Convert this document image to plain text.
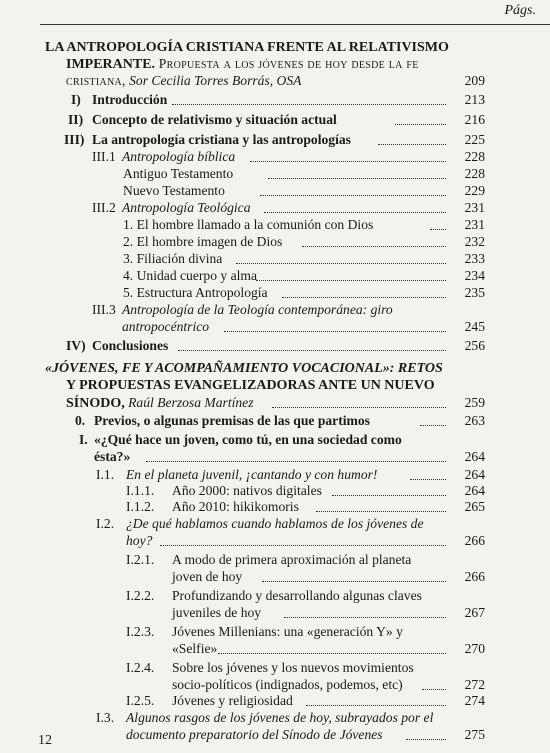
Págs.
LA ANTROPOLOGÍA CRISTIANA FRENTE AL RELATIVISMO
IMPERANTE. Propuesta a los jóvenes de hoy desde la fe
cristiana, Sor Cecilia Torres Borrás, OSA	209
I) Introducción	213
II) Concepto de relativismo y situación actual	216
III) La antropología cristiana y las antropologías	225
III.1 Antropología bíblica	228
Antiguo Testamento	228
Nuevo Testamento	229
III.2 Antropología Teológica	231
1. El hombre llamado a la comunión con Dios	231
2. El hombre imagen de Dios	232
3. Filiación divina	233
4. Unidad cuerpo y alma	234
5. Estructura Antropología	235
III.3 Antropología de la Teología contemporánea: giro
antropocéntrico	245
IV) Conclusiones	256
«JÓVENES, FE Y ACOMPAÑAMIENTO VOCACIONAL»: RETOS
Y PROPUESTAS EVANGELIZADORAS ANTE UN NUEVO
SÍNODO, Raúl Berzosa Martínez	259
0. Previos, o algunas premisas de las que partimos	263
I. «¿Qué hace un joven, como tú, en una sociedad como
ésta?»	264
I.1. En el planeta juvenil, ¡cantando y con humor!	264
I.1.1. Año 2000: nativos digitales	264
I.1.2. Año 2010: hikikomoris	265
I.2. ¿De qué hablamos cuando hablamos de los jóvenes de
hoy?	266
I.2.1. A modo de primera aproximación al planeta
joven de hoy	266
I.2.2. Profundizando y desarrollando algunas claves
juveniles de hoy	267
I.2.3. Jóvenes Millenians: una «generación Y» y
«Selfie»	270
I.2.4. Sobre los jóvenes y los nuevos movimientos
socio-políticos (indignados, podemos, etc)	272
I.2.5. Jóvenes y religiosidad	274
I.3. Algunos rasgos de los jóvenes de hoy, subrayados por el
documento preparatorio del Sínodo de Jóvenes	275
12
